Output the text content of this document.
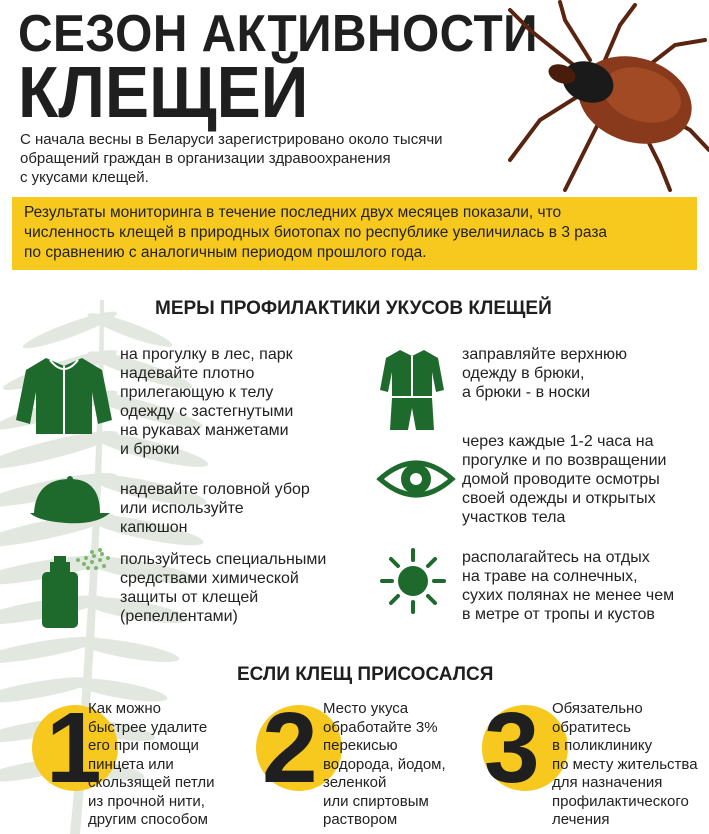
СЕЗОН АКТИВНОСТИ
КЛЕЩЕЙ
С начала весны в Беларуси зарегистрировано около тысячи
обращений граждан в организации здравоохранения
с укусами клещей.
Результаты мониторинга в течение последних двух месяцев показали, что
численность клещей в природных биотопах по республике увеличилась в 3 раза
по сравнению с аналогичным периодом прошлого года.
МЕРЫ ПРОФИЛАКТИКИ УКУСОВ КЛЕЩЕЙ
на прогулку в лес, парк
надевайте плотно
прилегающую к телу
одежду с застегнутыми
на рукавах манжетами
и брюки
надевайте головной убор
или используйте
капюшон
пользуйтесь специальными
средствами химической
защиты от клещей
(репеллентами)
заправляйте верхнюю
одежду в брюки,
а брюки - в носки
через каждые 1-2 часа на
прогулке и по возвращении
домой проводите осмотры
своей одежды и открытых
участков тела
располагайтесь на отдых
на траве на солнечных,
сухих полянах не менее чем
в метре от тропы и кустов
ЕСЛИ КЛЕЩ ПРИСОСАЛСЯ
1
Как можно
быстрее удалите
его при помощи
пинцета или
скользящей петли
из прочной нити,
другим способом
2 Место укуса
обработайте 3%
перекисью
водорода, йодом,
зеленкой
или спиртовым
раствором
3 Обязательно
обратитесь
в поликлинику
по месту жительства
для назначения
профилактического
лечения
